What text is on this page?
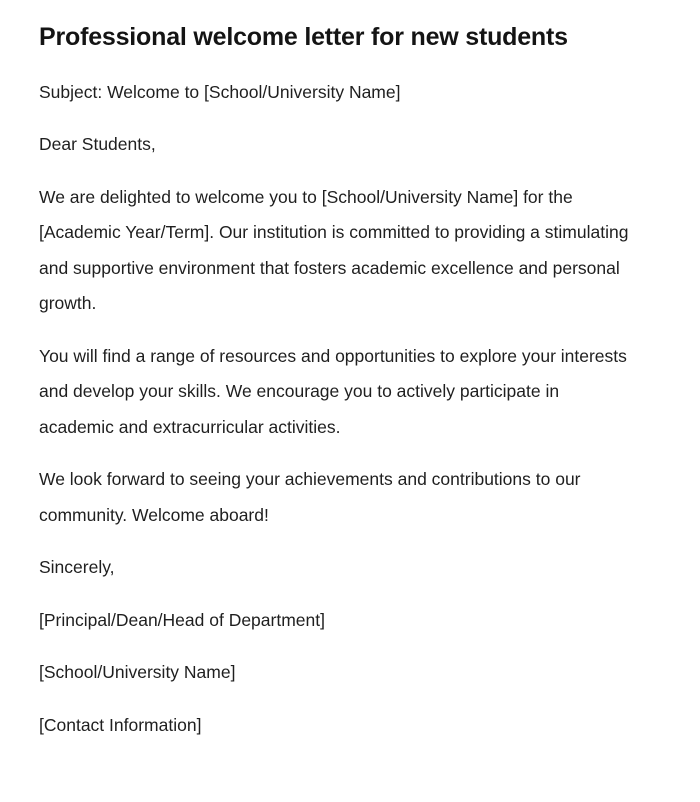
Professional welcome letter for new students

Subject: Welcome to [School/University Name]

Dear Students,

We are delighted to welcome you to [School/University Name] for the [Academic Year/Term]. Our institution is committed to providing a stimulating and supportive environment that fosters academic excellence and personal growth.

You will find a range of resources and opportunities to explore your interests and develop your skills. We encourage you to actively participate in academic and extracurricular activities.

We look forward to seeing your achievements and contributions to our community. Welcome aboard!

Sincerely,

[Principal/Dean/Head of Department]

[School/University Name]

[Contact Information]
